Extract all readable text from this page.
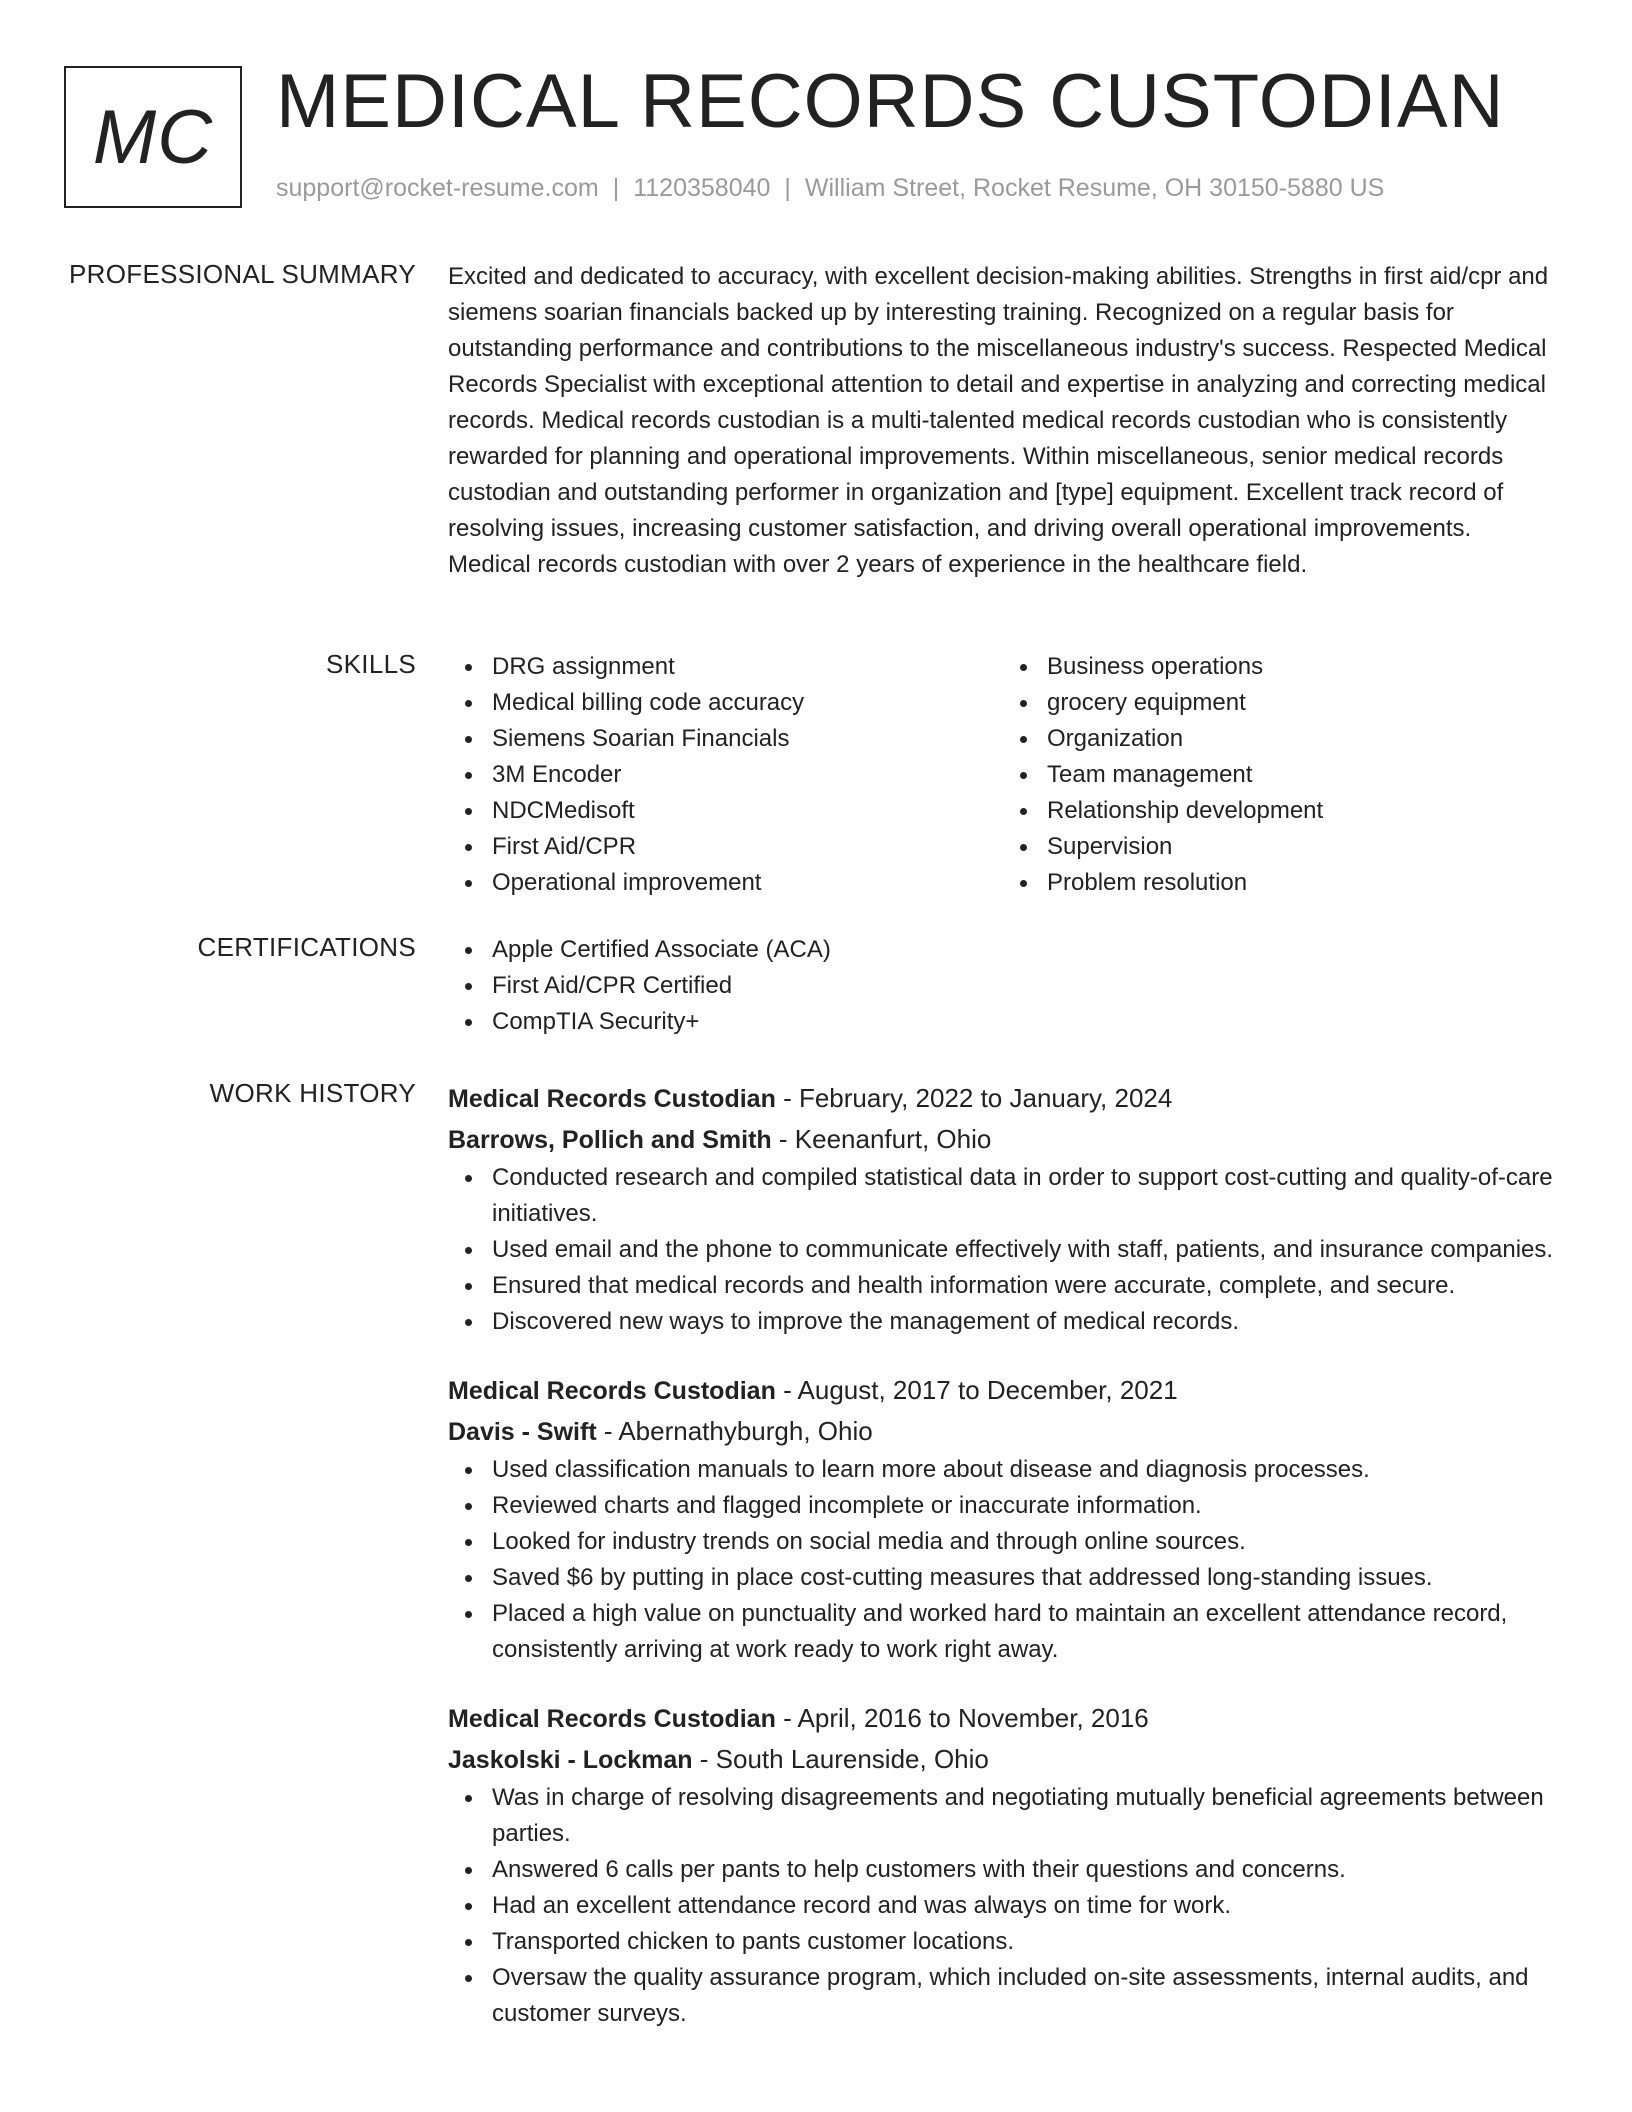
MC MEDICAL RECORDS CUSTODIAN
support@rocket-resume.com | 1120358040 | William Street, Rocket Resume, OH 30150-5880 US
PROFESSIONAL SUMMARY Excited and dedicated to accuracy, with excellent decision-making abilities. Strengths in first aid/cpr and siemens soarian financials backed up by interesting training. Recognized on a regular basis for outstanding performance and contributions to the miscellaneous industry's success. Respected Medical Records Specialist with exceptional attention to detail and expertise in analyzing and correcting medical records. Medical records custodian is a multi-talented medical records custodian who is consistently rewarded for planning and operational improvements. Within miscellaneous, senior medical records custodian and outstanding performer in organization and [type] equipment. Excellent track record of resolving issues, increasing customer satisfaction, and driving overall operational improvements. Medical records custodian with over 2 years of experience in the healthcare field.
SKILLS	DRG assignment
Medical billing code accuracy
Siemens Soarian Financials
3M Encoder
NDCMedisoft
First Aid/CPR
Operational improvement
Business operations
grocery equipment
Organization
Team management
Relationship development
Supervision
Problem resolution
CERTIFICATIONS	Apple Certified Associate (ACA)
First Aid/CPR Certified
CompTIA Security+
WORK HISTORY Medical Records Custodian - February, 2022 to January, 2024
Barrows, Pollich and Smith - Keenanfurt, Ohio
Conducted research and compiled statistical data in order to support cost-cutting and quality-of-care initiatives.
Used email and the phone to communicate effectively with staff, patients, and insurance companies.
Ensured that medical records and health information were accurate, complete, and secure.
Discovered new ways to improve the management of medical records.
Medical Records Custodian - August, 2017 to December, 2021
Davis - Swift - Abernathyburgh, Ohio
Used classification manuals to learn more about disease and diagnosis processes.
Reviewed charts and flagged incomplete or inaccurate information.
Looked for industry trends on social media and through online sources.
Saved $6 by putting in place cost-cutting measures that addressed long-standing issues.
Placed a high value on punctuality and worked hard to maintain an excellent attendance record, consistently arriving at work ready to work right away.
Medical Records Custodian - April, 2016 to November, 2016
Jaskolski - Lockman - South Laurenside, Ohio
Was in charge of resolving disagreements and negotiating mutually beneficial agreements between parties.
Answered 6 calls per pants to help customers with their questions and concerns.
Had an excellent attendance record and was always on time for work.
Transported chicken to pants customer locations.
Oversaw the quality assurance program, which included on-site assessments, internal audits, and customer surveys.
